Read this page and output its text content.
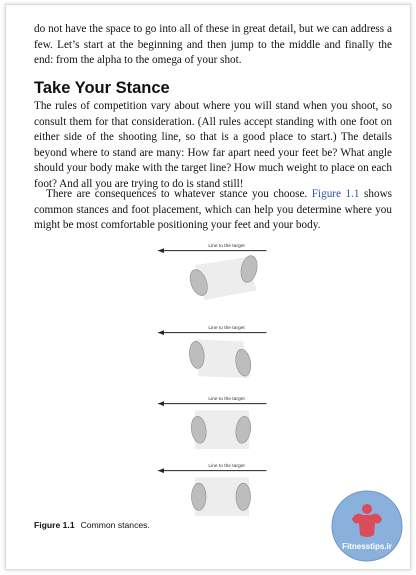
do not have the space to go into all of these in great detail, but we can address a few. Let’s start at the beginning and then jump to the middle and finally the end: from the alpha to the omega of your shot.
Take Your Stance
The rules of competition vary about where you will stand when you shoot, so consult them for that consideration. (All rules accept standing with one foot on either side of the shooting line, so that is a good place to start.) The details beyond where to stand are many: How far apart need your feet be? What angle should your body make with the target line? How much weight to place on each foot? And all you are trying to do is stand still!
There are consequences to whatever stance you choose. Figure 1.1 shows common stances and foot placement, which can help you determine where you might be most comfortable positioning your feet and your body.
Line to the target
Line to the target
Line to the target
Line to the target
Figure 1.1 Common stances.
Fitnesstips.ir
